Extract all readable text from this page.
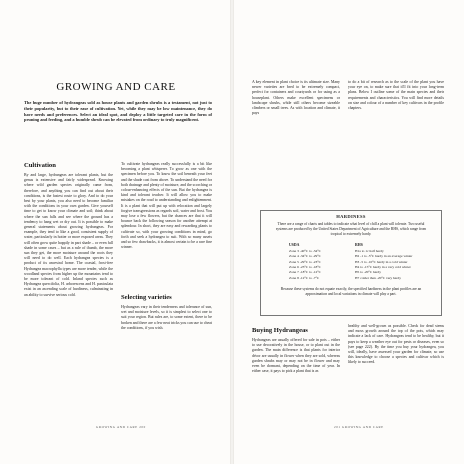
GROWING AND CARE
The huge number of hydrangeas sold as house plants and garden shrubs is a testament, not just to their popularity, but to their ease of cultivation. Yet, while they may be low maintenance, they do have needs and preferences. Select an ideal spot, and deploy a little targeted care in the form of pruning and feeding, and a humble shrub can be elevated from ordinary to truly magnificent.
Cultivation
By and large, hydrangeas are tolerant plants, but the genus is extensive and fairly widespread. Knowing where wild garden species originally came from, therefore, and anything you can find out about their conditions, is the fastest route to glory. And to do your best by your plants, you also need to become familiar with the conditions in your own garden. Give yourself time to get to know your climate and soil; think about where the sun falls and see where the ground has a tendency to hang wet or dry out. It is possible to make general statements about growing hydrangeas. For example, they tend to like a good, consistent supply of water, particularly in hotter or more exposed areas. They will often grow quite happily in part shade – or even full shade in some cases – but as a rule of thumb, the more sun they get, the more moisture around the roots they will need to do well. Each hydrangea species is a product of its ancestral home. The coastal, frost-free Hydrangea macrophylla types are more tender, while the woodland species from higher up the mountains tend to be more tolerant of cold. Inland species such as Hydrangea quercifolia, H. arborescens and H. paniculata exist in an ascending scale of hardiness, culminating in an ability to survive serious cold.
To cultivate hydrangeas really successfully is a bit like becoming a plant whisperer. To grow as one with the specimen before you. To know the soil beneath your feet and the shade cast from above. To understand the need for both drainage and plenty of moisture, and the scorching or colour-enhancing effects of the sun. But the hydrangea is kind and tolerant teacher. It will allow you to make mistakes on the road to understanding and enlightenment. It is a plant that will put up with relocation and largely forgive transgressions as regards soil, water and frost. You may lose a few flowers, but the chances are that it will bounce back the following season for another attempt at splendour. In short, they are easy and rewarding plants to cultivate so, with your growing conditions in mind, go forth and seek a hydrangea to suit. With so many assets and so few drawbacks, it is almost certain to be a rare fine winner.
Selecting varieties
Hydrangeas vary in their tenderness and tolerance of sun, wet and moisture levels, so it is simplest to select one to suit your region. But rules are, to some extent, there to be broken and there are a few neat tricks you can use to cheat the conditions, if you wish.
GROWING AND CARE 200
A key element in plant choice is its ultimate size. Many newer varieties are bred to be extremely compact, perfect for containers and courtyards or for using as a houseplant. Others make excellent specimens or landscape shrubs, while still others become sizeable climbers or small trees. As with location and climate, it pays
to do a bit of research as to the scale of the plant you have your eye on, to make sure that it'll fit into your long-term plans. Below I outline some of the main species and their requirements and characteristics. You will find more details on size and colour of a number of key cultivars in the profile chapters.
201 GROWING AND CARE
Buying Hydrangeas
Hydrangeas are usually offered for sale in pots – either to use decoratively in the house, or to plant out in the garden. The main difference is that plants for interior décor are usually in flower when they are sold, whereas garden shrubs may or may not be in flower and may even be dormant, depending on the time of year. In either case, it pays to pick a plant that is as
healthy and well-grown as possible. Check for dead stems and moss growth around the top of the pots, which may indicate a lack of care. Hydrangeas tend to be healthy, but it pays to keep a weather eye out for pests or diseases, even so (see page 222). By the time you buy your hydrangea, you will, ideally, have assessed your garden for climate, so use this knowledge to choose a species and cultivar which is likely to succeed.
HARDINESS
There are a range of charts and tables to indicate what level of chill a plant will tolerate. Two useful systems are produced by the United States Department of Agriculture and the RHS, which range from tropical to extremely hardy.
USDA
Zone 3 -40°C to -34°C
Zone 4 -34°C to -29°C
Zone 5 -29°C to -23°C
Zone 6 -23°C to -18°C
Zone 7 -18°C to -12°C
Zone 8 -12°C to -7°C
RHS
H1a to 1c half hardy
H2 -1 to -5°C hardy in an average winter
H3 -5 to -10°C hardy in a cold winter
H4 to -15°C hardy in a very cold winter
H5 to -20°C hardy
H7 colder than -20°C very hardy
Because these systems do not equate exactly, the specified hardiness in the plant profiles are an approximation and local variations in climate will play a part.
